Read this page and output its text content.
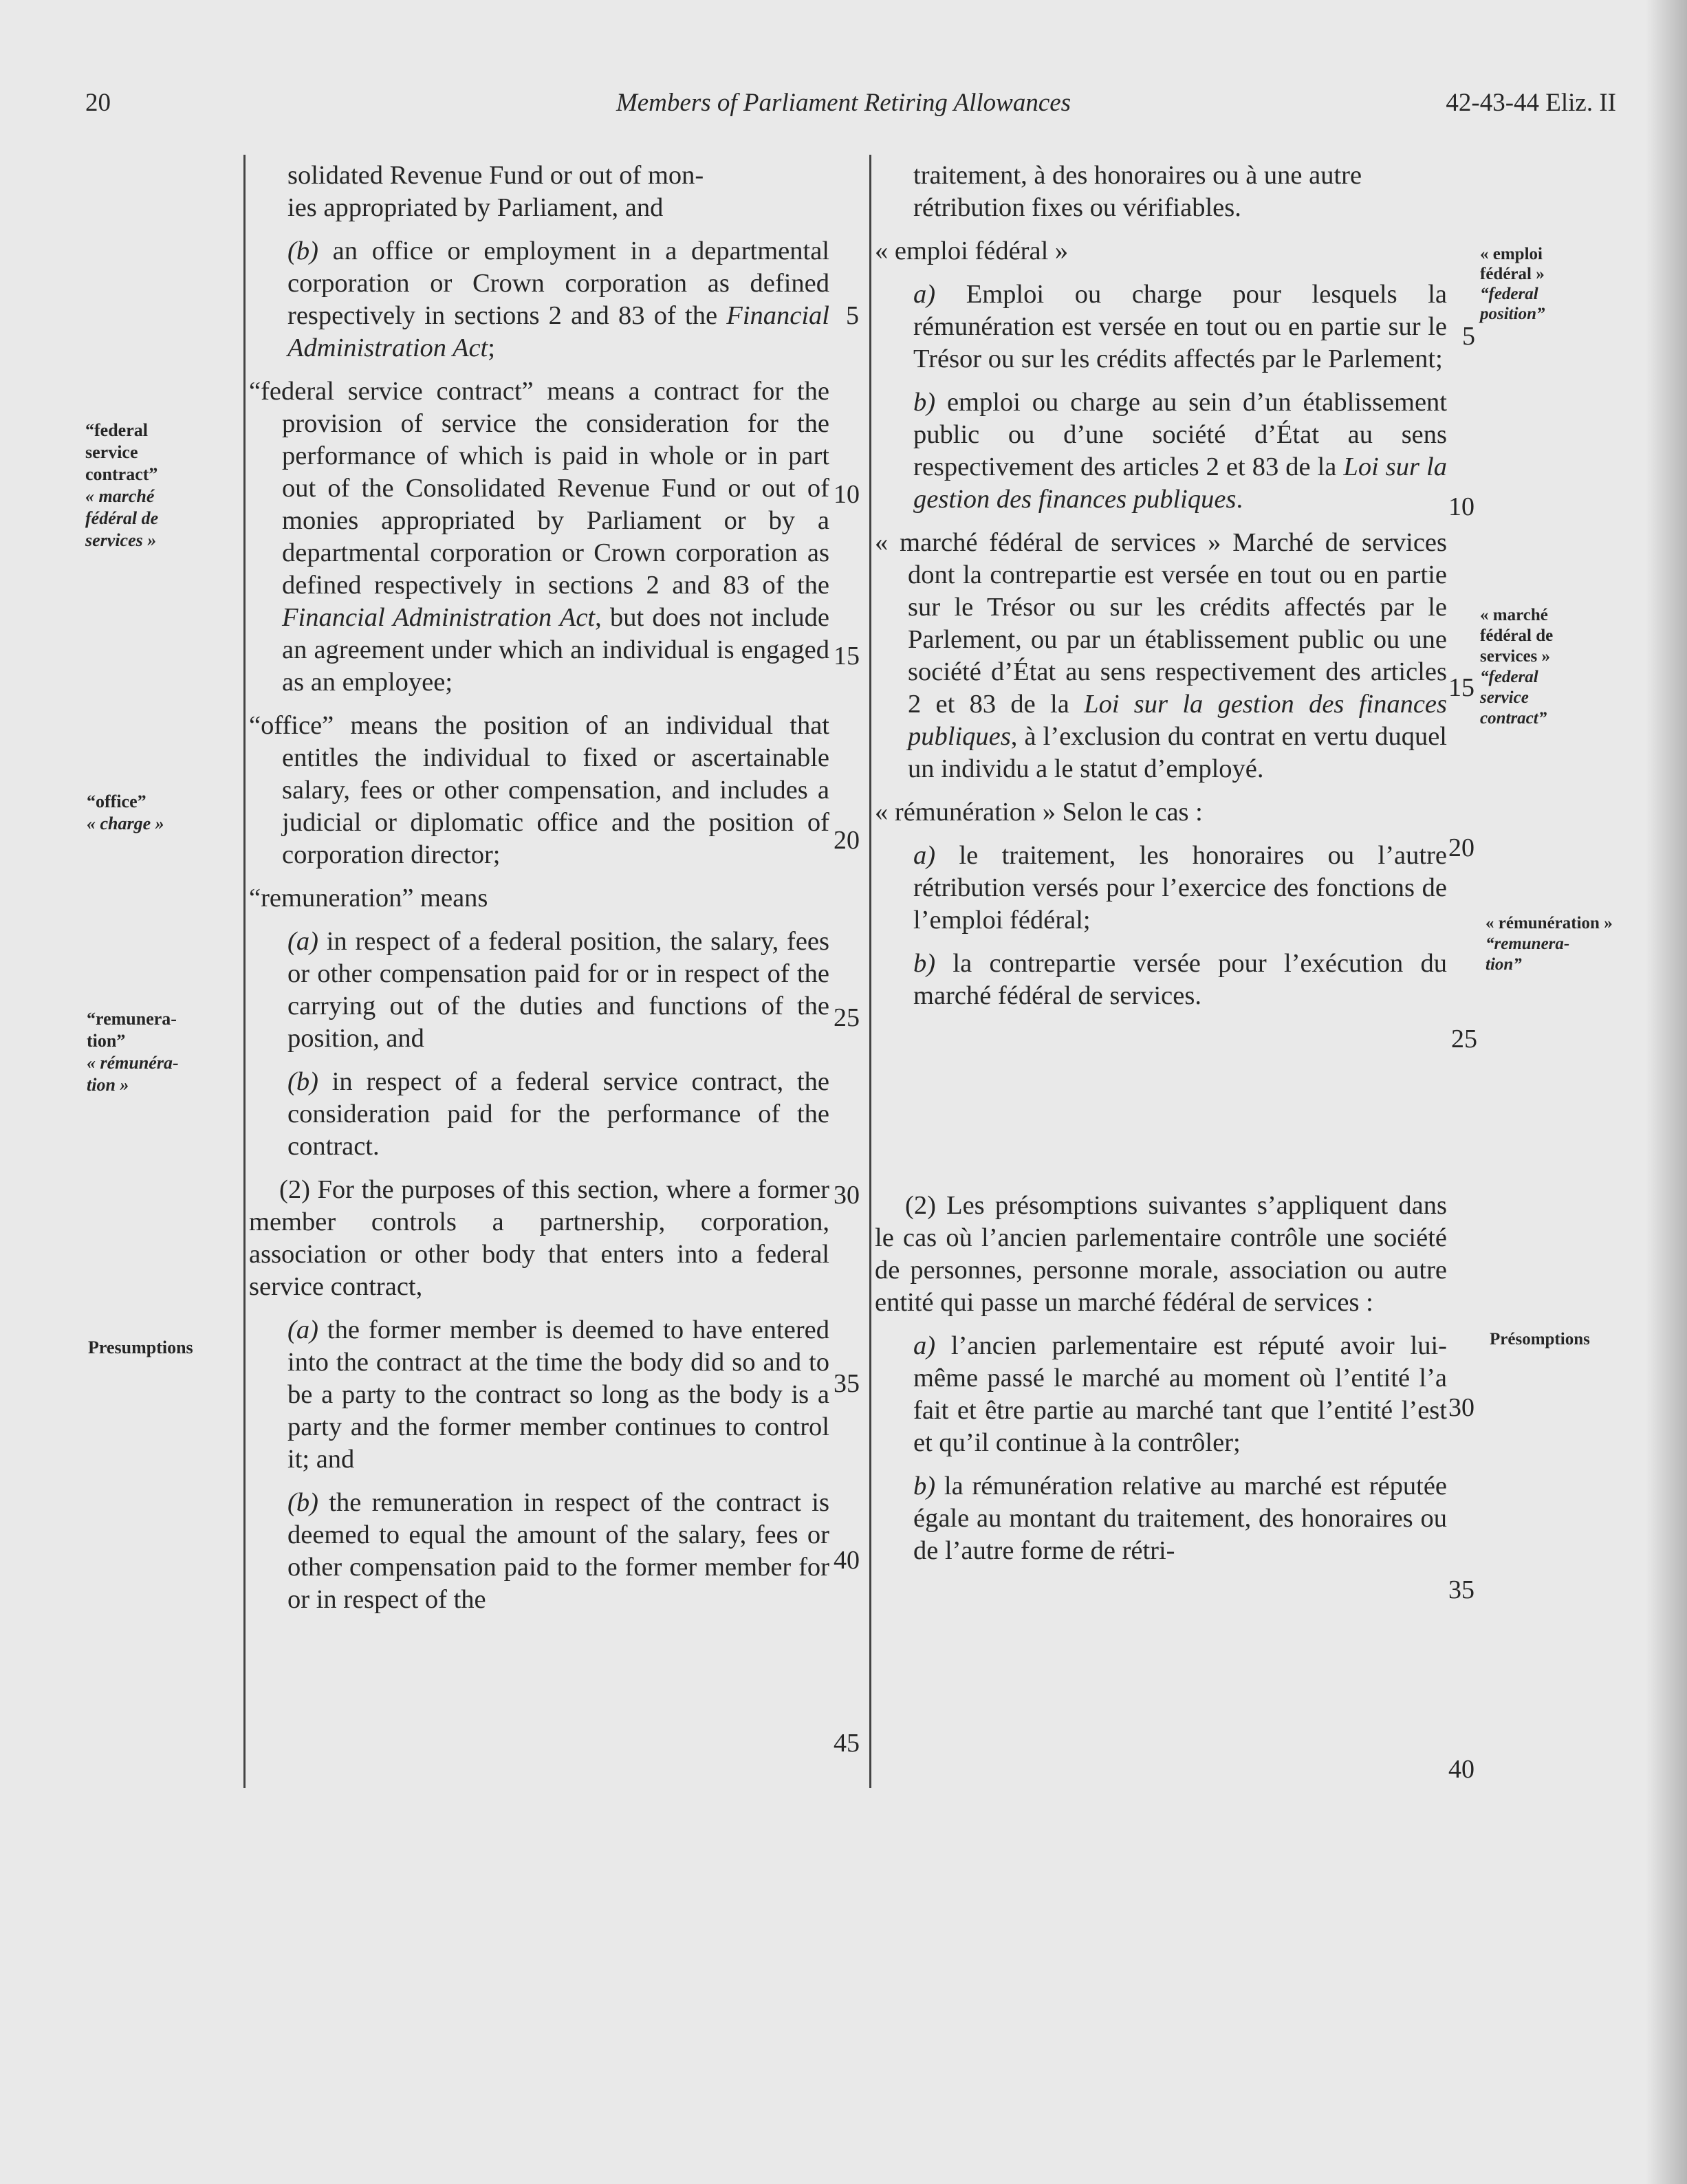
Members of Parliament Retiring Allowances
20	42-43-44 Eliz. II

solidated Revenue Fund or out of mon-
ies appropriated by Parliament, and

(b) an office or employment in a departmental corporation or Crown corporation as defined respectively in sections 2 and 83 of the Financial Administration Act;

“federal service contract” means a contract for the provision of service the consideration for the performance of which is paid in whole or in part out of the Consolidated Revenue Fund or out of monies appropriated by Parliament or by a departmental corporation or Crown corporation as defined respectively in sections 2 and 83 of the Financial Administration Act, but does not include an agreement under which an individual is engaged as an employee;

“office” means the position of an individual that entitles the individual to fixed or ascertainable salary, fees or other compensation, and includes a judicial or diplomatic office and the position of corporation director;

“remuneration” means

(a) in respect of a federal position, the salary, fees or other compensation paid for or in respect of the carrying out of the duties and functions of the position, and

(b) in respect of a federal service contract, the consideration paid for the performance of the contract.

(2) For the purposes of this section, where a former member controls a partnership, corporation, association or other body that enters into a federal service contract,

(a) the former member is deemed to have entered into the contract at the time the body did so and to be a party to the contract so long as the body is a party and the former member continues to control it; and

(b) the remuneration in respect of the contract is deemed to equal the amount of the salary, fees or other compensation paid to the former member for or in respect of the

traitement, à des honoraires ou à une autre
rétribution fixes ou vérifiables.

« emploi fédéral »

a) Emploi ou charge pour lesquels la rémunération est versée en tout ou en partie sur le Trésor ou sur les crédits affectés par le Parlement;

b) emploi ou charge au sein d’un établissement public ou d’une société d’État au sens respectivement des articles 2 et 83 de la Loi sur la gestion des finances publiques.

« marché fédéral de services » Marché de services dont la contrepartie est versée en tout ou en partie sur le Trésor ou sur les crédits affectés par le Parlement, ou par un établissement public ou une société d’État au sens respectivement des articles 2 et 83 de la Loi sur la gestion des finances publiques, à l’exclusion du contrat en vertu duquel un individu a le statut d’employé.

« rémunération » Selon le cas :

a) le traitement, les honoraires ou l’autre rétribution versés pour l’exercice des fonctions de l’emploi fédéral;

b) la contrepartie versée pour l’exécution du marché fédéral de services.

(2) Les présomptions suivantes s’appliquent dans le cas où l’ancien parlementaire contrôle une société de personnes, personne morale, association ou autre entité qui passe un marché fédéral de services :

a) l’ancien parlementaire est réputé avoir lui-même passé le marché au moment où l’entité l’a fait et être partie au marché tant que l’entité l’est et qu’il continue à la contrôler;

b) la rémunération relative au marché est réputée égale au montant du traitement, des honoraires ou de l’autre forme de rétri-

5
10
15
20
25
30
35
40
45
5
10
15
20
25
30
35
40
“federal
service
contract”
« marché
fédéral de
services »
“office”
« charge »
“remunera-
tion”
« rémunéra-
tion »
Presumptions
« emploi
fédéral »
“federal
position”
« marché
fédéral de
services »
“federal
service
contract”
« rémunération »
“remunera-
tion”
Présomptions
